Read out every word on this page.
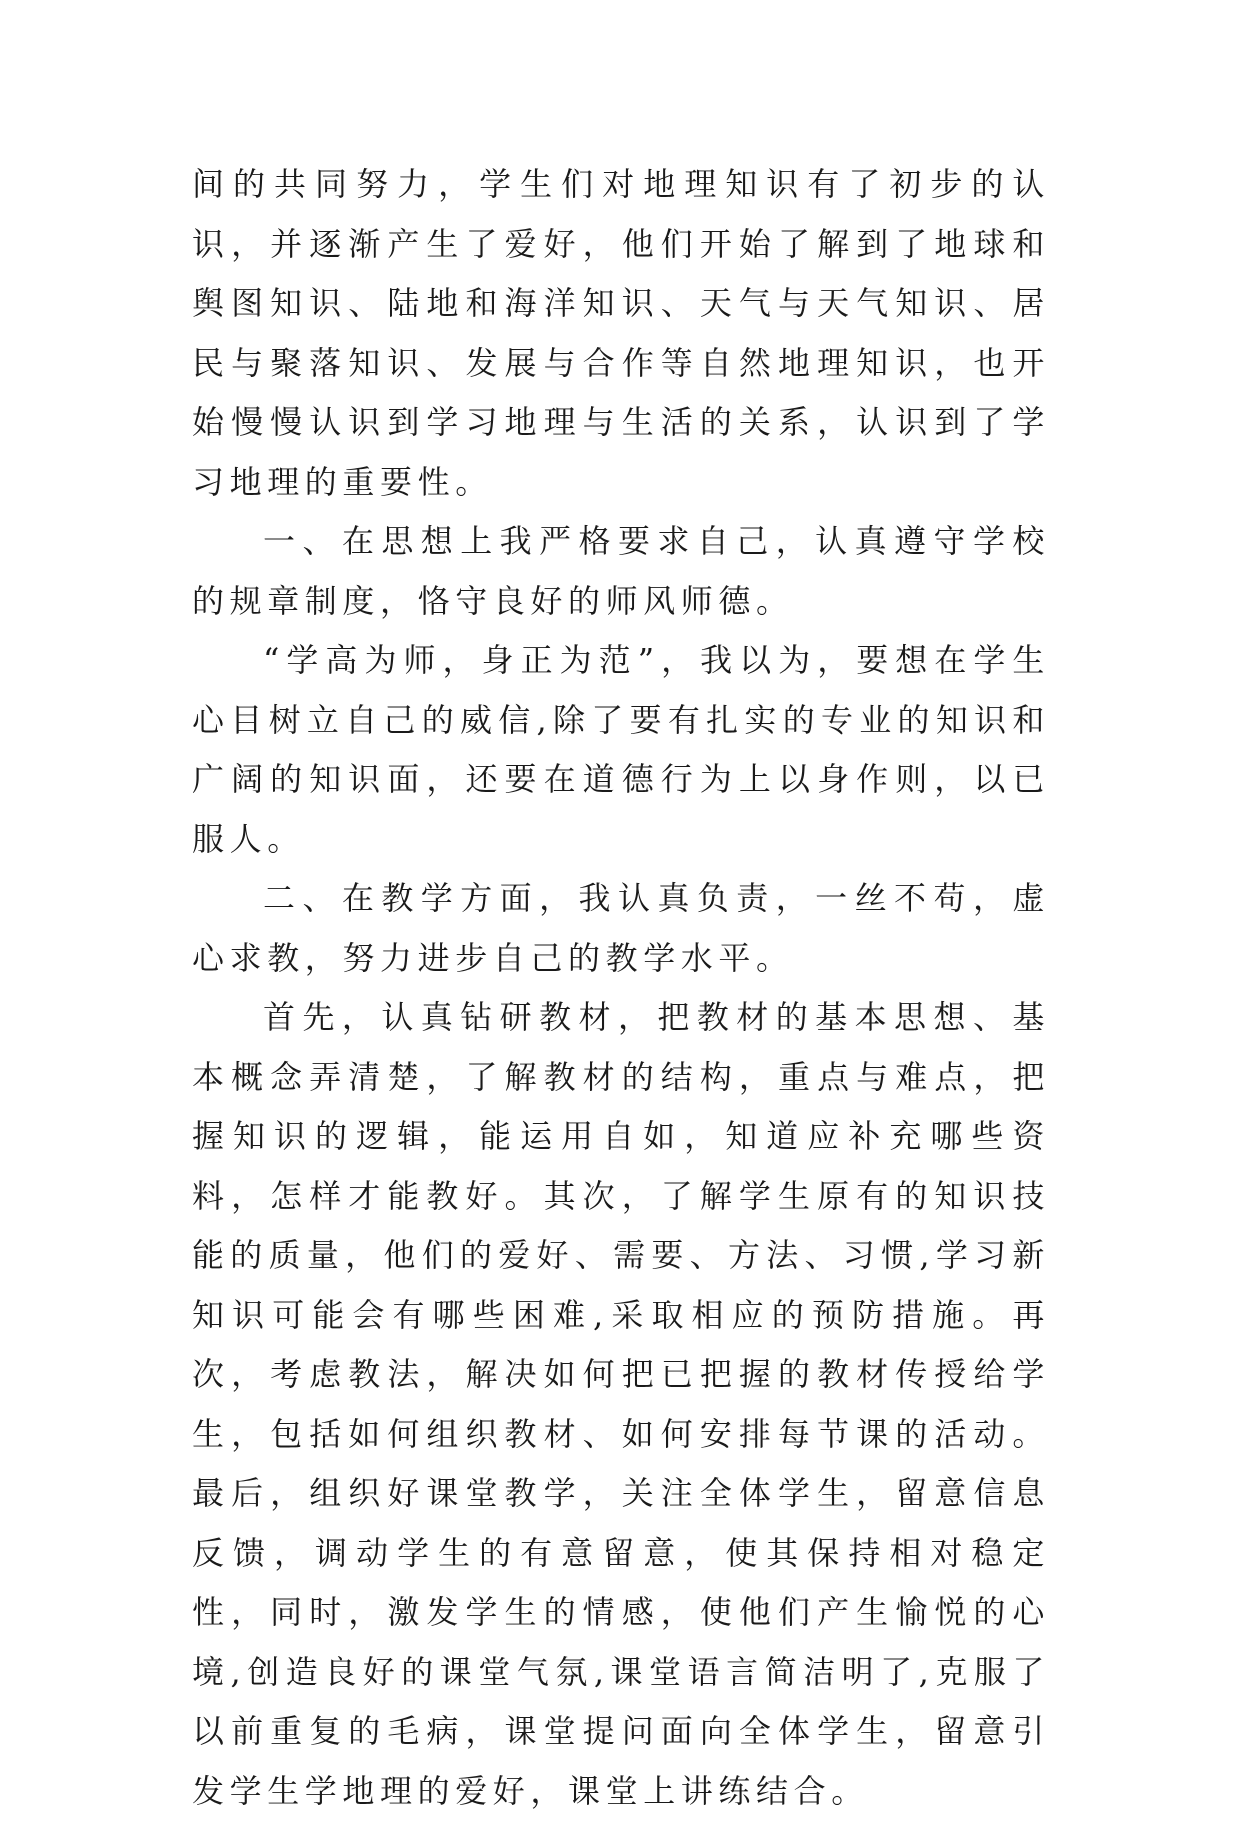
间的共同努力，学生们对地理知识有了初步的认识，并逐渐产生了爱好，他们开始了解到了地球和舆图知识、陆地和海洋知识、天气与天气知识、居民与聚落知识、发展与合作等自然地理知识，也开始慢慢认识到学习地理与生活的关系，认识到了学习地理的重要性。

一、在思想上我严格要求自己，认真遵守学校的规章制度，恪守良好的师风师德。

“学高为师，身正为范”，我以为，要想在学生心目树立自己的威信,除了要有扎实的专业的知识和广阔的知识面，还要在道德行为上以身作则，以已服人。

二、在教学方面，我认真负责，一丝不苟，虚心求教，努力进步自己的教学水平。

首先，认真钻研教材，把教材的基本思想、基本概念弄清楚，了解教材的结构，重点与难点，把握知识的逻辑，能运用自如，知道应补充哪些资料，怎样才能教好。其次，了解学生原有的知识技能的质量，他们的爱好、需要、方法、习惯,学习新知识可能会有哪些困难,采取相应的预防措施。再次，考虑教法，解决如何把已把握的教材传授给学生，包括如何组织教材、如何安排每节课的活动。最后，组织好课堂教学，关注全体学生，留意信息反馈，调动学生的有意留意，使其保持相对稳定性，同时，激发学生的情感，使他们产生愉悦的心境,创造良好的课堂气氛,课堂语言简洁明了,克服了以前重复的毛病，课堂提问面向全体学生，留意引发学生学地理的爱好，课堂上讲练结合。
